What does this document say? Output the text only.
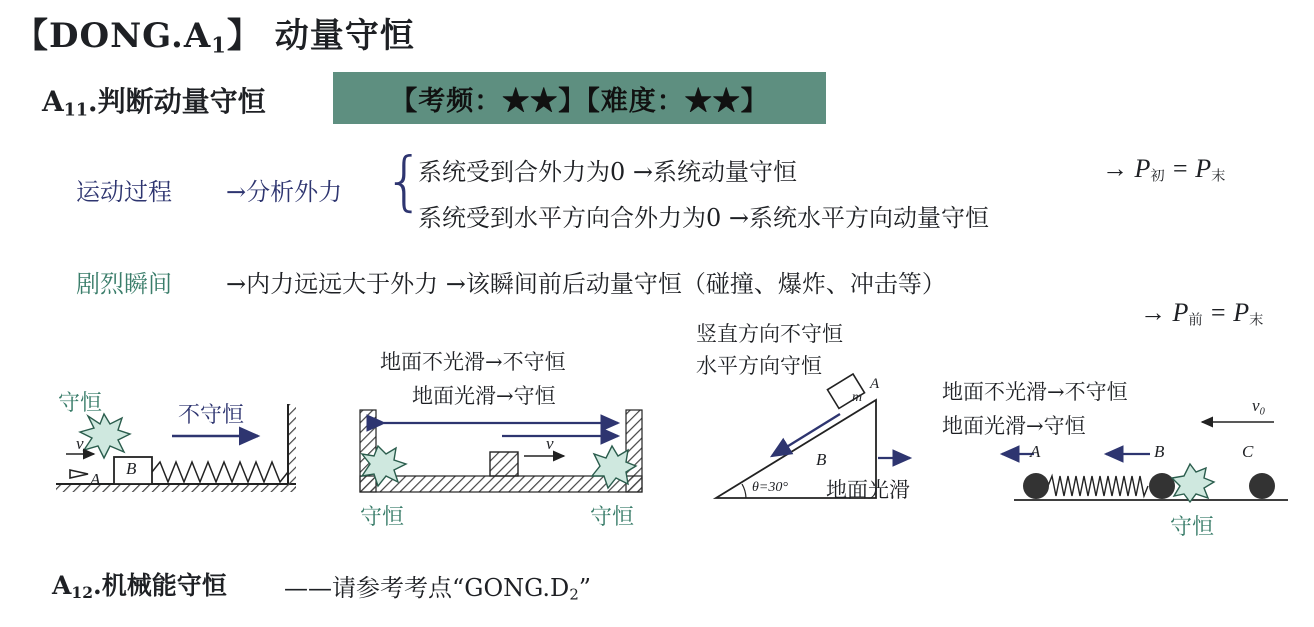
【$DONG.A_1$】 动量守恒
$A_{11}$.判断动量守恒	【考频：★★】【难度：★★】
运动过程 →分析外力 {
系统受到合外力为0 →系统动量守恒
系统受到水平方向合外力为0 →系统水平方向动量守恒
→ $P_初 = P_末$
剧烈瞬间 →内力远远大于外力 →该瞬间前后动量守恒（碰撞、爆炸、冲击等）
→ $P_前 = P_末$
守恒	不守恒
v
A
B
地面不光滑→不守恒
地面光滑→守恒
v
守恒	守恒
竖直方向不守恒
水平方向守恒
A
m
B
θ=30° 地面光滑
地面不光滑→不守恒
地面光滑→守恒
A	B	C
v₀
守恒
$A_{12}$.机械能守恒 ——请参考考点“$GONG.D_2$”
